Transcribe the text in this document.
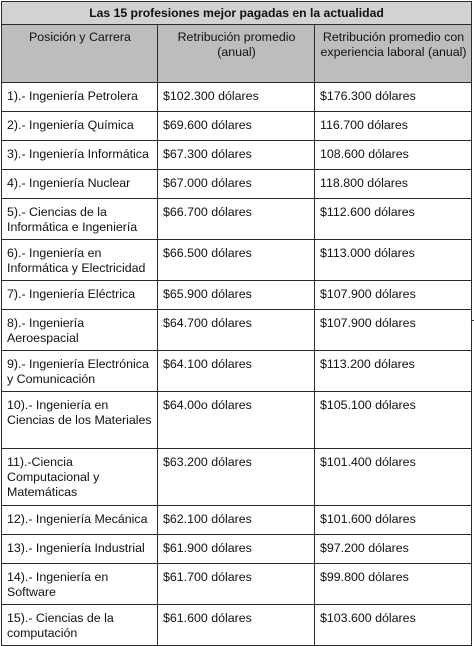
Las 15 profesiones mejor pagadas en la actualidad		
Posición y Carrera	Retribución promedio (anual)	Retribución promedio con experiencia laboral (anual)
1).- Ingeniería Petrolera	$102.300 dólares	$176.300 dólares
2).- Ingeniería Química	$69.600 dólares	116.700 dólares
3).- Ingeniería Informática	$67.300 dólares	108.600 dólares
4).- Ingeniería Nuclear	$67.000 dólares	118.800 dólares
5).- Ciencias de la Informática e Ingeniería	$66.700 dólares	$112.600 dólares
6).- Ingeniería en Informática y Electricidad	$66.500 dólares	$113.000 dólares
7).- Ingeniería Eléctrica	$65.900 dólares	$107.900 dólares
8).- Ingeniería Aeroespacial	$64.700 dólares	$107.900 dólares
9).- Ingeniería Electrónica y Comunicación	$64.100 dólares	$113.200 dólares
10).- Ingeniería en Ciencias de los Materiales	$64.00o dólares	$105.100 dólares
11).-Ciencia Computacional y Matemáticas	$63.200 dólares	$101.400 dólares
12).- Ingeniería Mecánica	$62.100 dólares	$101.600 dólares
13).- Ingeniería Industrial	$61.900 dólares	$97.200 dólares
14).- Ingeniería en Software	$61.700 dólares	$99.800 dólares
15).- Ciencias de la computación	$61.600 dólares	$103.600 dólares
